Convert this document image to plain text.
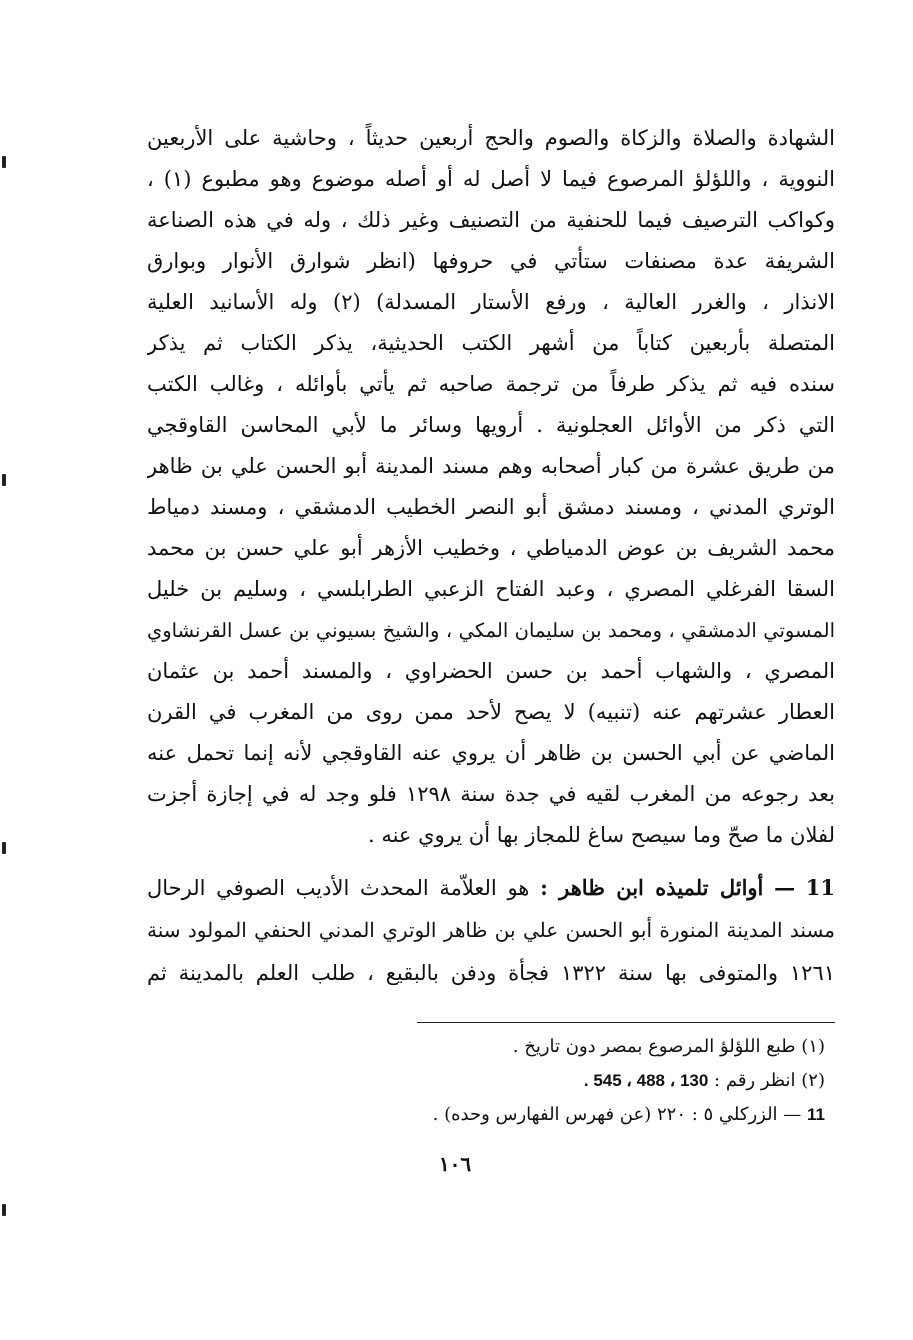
الشهادة والصلاة والزكاة والصوم والحج أربعين حديثاً ، وحاشية على الأربعين
النووية ، واللؤلؤ المرصوع فيما لا أصل له أو أصله موضوع وهو مطبوع (١) ،
وكواكب الترصيف فيما للحنفية من التصنيف وغير ذلك ، وله في هذه الصناعة
الشريفة عدة مصنفات ستأتي في حروفها (انظر شوارق الأنوار وبوارق
الانذار ، والغرر العالية ، ورفع الأستار المسدلة) (٢) وله الأسانيد العلية
المتصلة بأربعين كتاباً من أشهر الكتب الحديثية، يذكر الكتاب ثم يذكر
سنده فيه ثم يذكر طرفاً من ترجمة صاحبه ثم يأتي بأوائله ، وغالب الكتب
التي ذكر من الأوائل العجلونية . أرويها وسائر ما لأبي المحاسن القاوقجي
من طريق عشرة من كبار أصحابه وهم مسند المدينة أبو الحسن علي بن ظاهر
الوتري المدني ، ومسند دمشق أبو النصر الخطيب الدمشقي ، ومسند دمياط
محمد الشريف بن عوض الدمياطي ، وخطيب الأزهر أبو علي حسن بن محمد
السقا الفرغلي المصري ، وعبد الفتاح الزعبي الطرابلسي ، وسليم بن خليل
المسوتي الدمشقي ، ومحمد بن سليمان المكي ، والشيخ بسيوني بن عسل القرنشاوي
المصري ، والشهاب أحمد بن حسن الحضراوي ، والمسند أحمد بن عثمان
العطار عشرتهم عنه (تنبيه) لا يصح لأحد ممن روى من المغرب في القرن
الماضي عن أبي الحسن بن ظاهر أن يروي عنه القاوقجي لأنه إنما تحمل عنه
بعد رجوعه من المغرب لقيه في جدة سنة ١٢٩٨ فلو وجد له في إجازة أجزت
لفلان ما صحّ وما سيصح ساغ للمجاز بها أن يروي عنه .
11 — أوائل تلميذه ابن ظاهر : هو العلاّمة المحدث الأديب الصوفي الرحال
مسند المدينة المنورة أبو الحسن علي بن ظاهر الوتري المدني الحنفي المولود سنة
١٢٦١ والمتوفى بها سنة ١٣٢٢ فجأة ودفن بالبقيع ، طلب العلم بالمدينة ثم
(١) طبع اللؤلؤ المرصوع بمصر دون تاريخ .
(٢) انظر رقم : 130 ، 488 ، 545 .
11 — الزركلي ٥ : ٢٢٠ (عن فهرس الفهارس وحده) .
١٠٦
